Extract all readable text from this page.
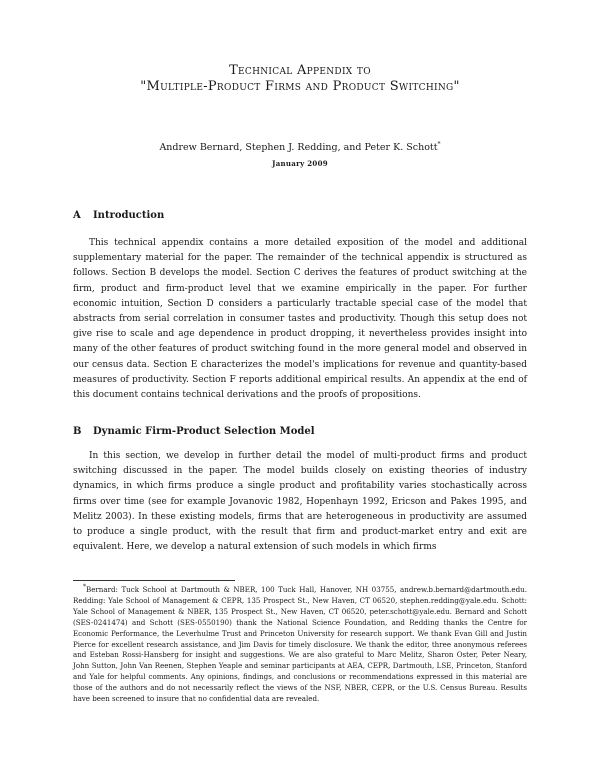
Technical Appendix to
"Multiple-Product Firms and Product Switching"
Andrew Bernard, Stephen J. Redding, and Peter K. Schott*
January 2009
A Introduction

This technical appendix contains a more detailed exposition of the model and additional supplementary material for the paper. The remainder of the technical appendix is structured as follows. Section B develops the model. Section C derives the features of product switching at the firm, product and firm-product level that we examine empirically in the paper. For further economic intuition, Section D considers a particularly tractable special case of the model that abstracts from serial correlation in consumer tastes and productivity. Though this setup does not give rise to scale and age dependence in product dropping, it nevertheless provides insight into many of the other features of product switching found in the more general model and observed in our census data. Section E characterizes the model's implications for revenue and quantity-based measures of productivity. Section F reports additional empirical results. An appendix at the end of this document contains technical derivations and the proofs of propositions.

B Dynamic Firm-Product Selection Model

In this section, we develop in further detail the model of multi-product firms and product switching discussed in the paper. The model builds closely on existing theories of industry dynamics, in which firms produce a single product and profitability varies stochastically across firms over time (see for example Jovanovic 1982, Hopenhayn 1992, Ericson and Pakes 1995, and Melitz 2003). In these existing models, firms that are heterogeneous in productivity are assumed to produce a single product, with the result that firm and product-market entry and exit are equivalent. Here, we develop a natural extension of such models in which firms

*Bernard: Tuck School at Dartmouth & NBER, 100 Tuck Hall, Hanover, NH 03755, andrew.b.bernard@dartmouth.edu. Redding: Yale School of Management & CEPR, 135 Prospect St., New Haven, CT 06520, stephen.redding@yale.edu. Schott: Yale School of Management & NBER, 135 Prospect St., New Haven, CT 06520, peter.schott@yale.edu. Bernard and Schott (SES-0241474) and Schott (SES-0550190) thank the National Science Foundation, and Redding thanks the Centre for Economic Performance, the Leverhulme Trust and Princeton University for research support. We thank Evan Gill and Justin Pierce for excellent research assistance, and Jim Davis for timely disclosure. We thank the editor, three anonymous referees and Esteban Rossi-Hansberg for insight and suggestions. We are also grateful to Marc Melitz, Sharon Oster, Peter Neary, John Sutton, John Van Reenen, Stephen Yeaple and seminar participants at AEA, CEPR, Dartmouth, LSE, Princeton, Stanford and Yale for helpful comments. Any opinions, findings, and conclusions or recommendations expressed in this material are those of the authors and do not necessarily reflect the views of the NSF, NBER, CEPR, or the U.S. Census Bureau. Results have been screened to insure that no confidential data are revealed.
